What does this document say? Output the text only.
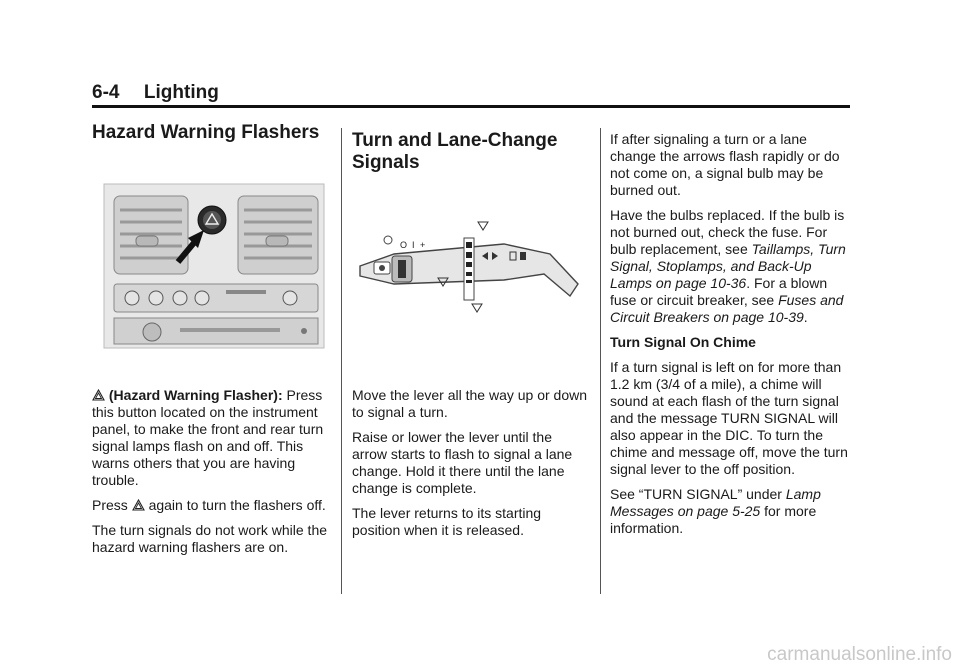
6-4 Lighting
Hazard Warning Flashers

(Hazard Warning Flasher): Press this button located on the instrument panel, to make the front and rear turn signal lamps flash on and off. This warns others that you are having trouble.

Press again to turn the flashers off.

The turn signals do not work while the hazard warning flashers are on.

Turn and Lane-Change Signals
O I +

Move the lever all the way up or down to signal a turn.

Raise or lower the lever until the arrow starts to flash to signal a lane change. Hold it there until the lane change is complete.

The lever returns to its starting position when it is released.

If after signaling a turn or a lane change the arrows flash rapidly or do not come on, a signal bulb may be burned out.

Have the bulbs replaced. If the bulb is not burned out, check the fuse. For bulb replacement, see Taillamps, Turn Signal, Stoplamps, and Back-Up Lamps on page 10-36. For a blown fuse or circuit breaker, see Fuses and Circuit Breakers on page 10-39.

Turn Signal On Chime

If a turn signal is left on for more than 1.2 km (3/4 of a mile), a chime will sound at each flash of the turn signal and the message TURN SIGNAL will also appear in the DIC. To turn the chime and message off, move the turn signal lever to the off position.

See “TURN SIGNAL” under Lamp Messages on page 5-25 for more information.

carmanualsonline.info
